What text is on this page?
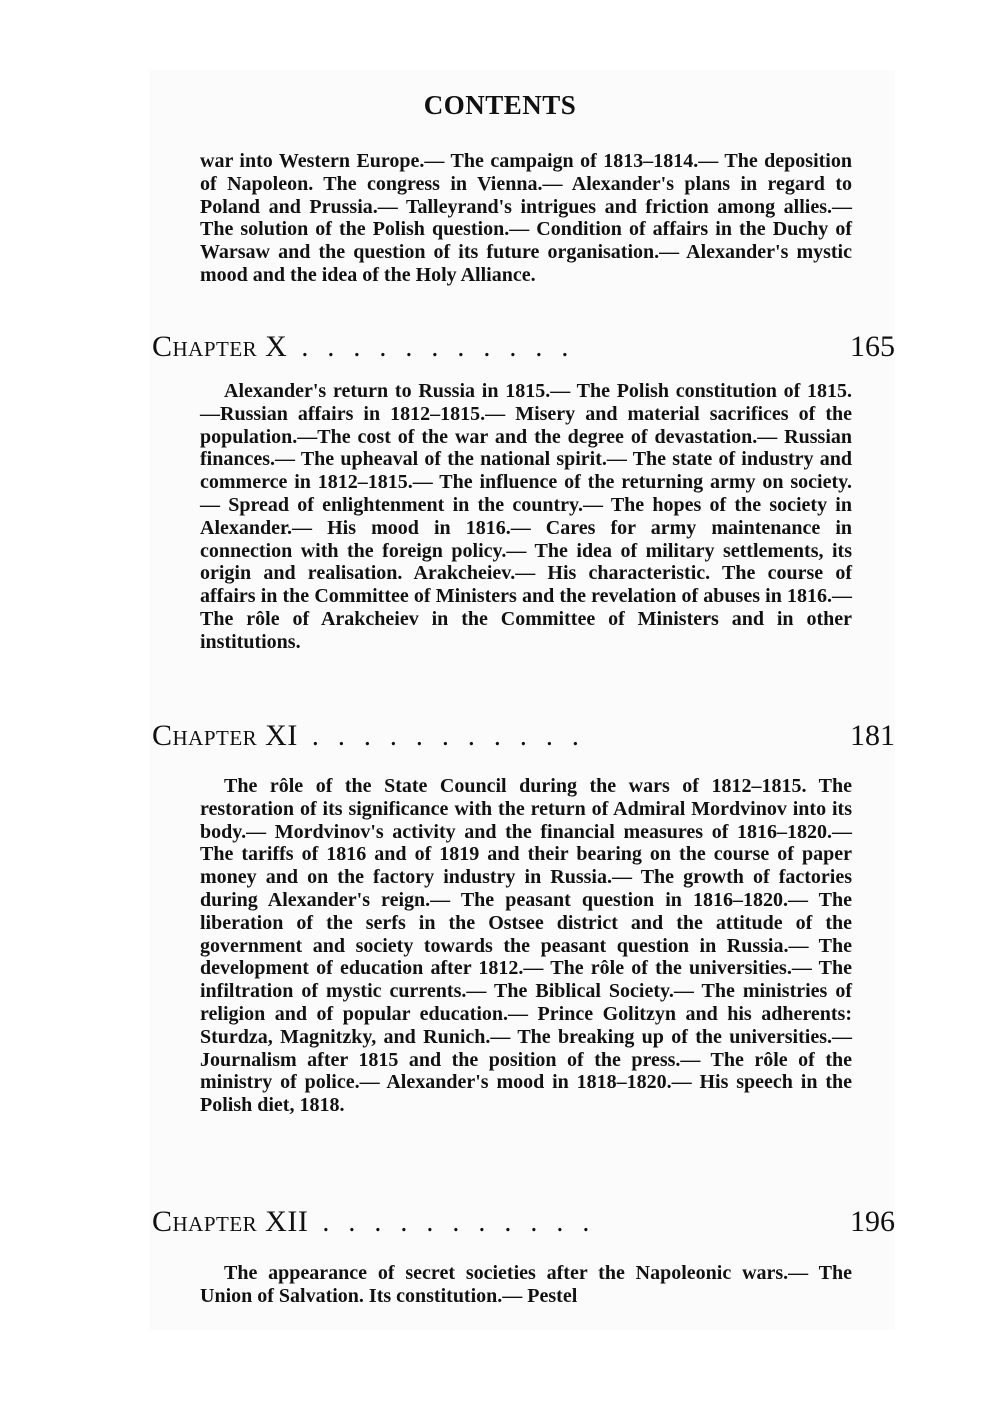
CONTENTS

war into Western Europe.— The campaign of 1813–1814.— The deposition of Napoleon. The congress in Vienna.— Alexander's plans in regard to Poland and Prussia.— Talleyrand's intrigues and friction among allies.— The solution of the Polish question.— Condition of affairs in the Duchy of Warsaw and the question of its future organisation.— Alexander's mystic mood and the idea of the Holy Alliance.

Chapter X ...........	165

Alexander's return to Russia in 1815.— The Polish constitution of 1815.—Russian affairs in 1812–1815.— Misery and material sacrifices of the population.—The cost of the war and the degree of devastation.— Russian finances.— The upheaval of the national spirit.— The state of industry and commerce in 1812–1815.— The influence of the returning army on society.— Spread of enlightenment in the country.— The hopes of the society in Alexander.— His mood in 1816.— Cares for army maintenance in connection with the foreign policy.— The idea of military settlements, its origin and realisation. Arakcheiev.— His characteristic. The course of affairs in the Committee of Ministers and the revelation of abuses in 1816.— The rôle of Arakcheiev in the Committee of Ministers and in other institutions.

Chapter XI ...........	181

The rôle of the State Council during the wars of 1812–1815. The restoration of its significance with the return of Admiral Mordvinov into its body.— Mordvinov's activity and the financial measures of 1816–1820.— The tariffs of 1816 and of 1819 and their bearing on the course of paper money and on the factory industry in Russia.— The growth of factories during Alexander's reign.— The peasant question in 1816–1820.— The liberation of the serfs in the Ostsee district and the attitude of the government and society towards the peasant question in Russia.— The development of education after 1812.— The rôle of the universities.— The infiltration of mystic currents.— The Biblical Society.— The ministries of religion and of popular education.— Prince Golitzyn and his adherents: Sturdza, Magnitzky, and Runich.— The breaking up of the universities.— Journalism after 1815 and the position of the press.— The rôle of the ministry of police.— Alexander's mood in 1818–1820.— His speech in the Polish diet, 1818.

Chapter XII ...........	196

The appearance of secret societies after the Napoleonic wars.— The Union of Salvation. Its constitution.— Pestel
